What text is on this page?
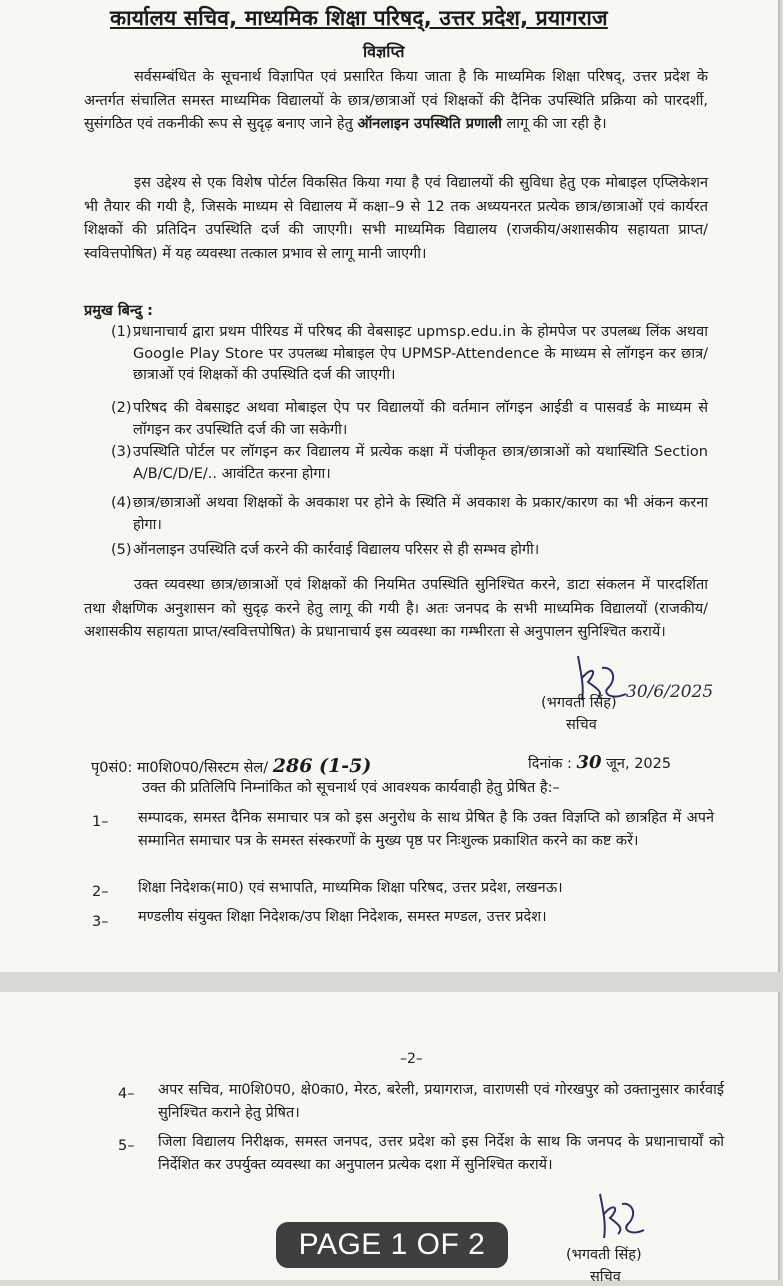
कार्यालय सचिव, माध्यमिक शिक्षा परिषद्, उत्तर प्रदेश, प्रयागराज
विज्ञप्ति

सर्वसम्बंधित के सूचनार्थ विज्ञापित एवं प्रसारित किया जाता है कि माध्यमिक शिक्षा परिषद्, उत्तर प्रदेश के अन्तर्गत संचालित समस्त माध्यमिक विद्यालयों के छात्र/छात्राओं एवं शिक्षकों की दैनिक उपस्थिति प्रक्रिया को पारदर्शी, सुसंगठित एवं तकनीकी रूप से सुदृढ़ बनाए जाने हेतु ऑनलाइन उपस्थिति प्रणाली लागू की जा रही है।

इस उद्देश्य से एक विशेष पोर्टल विकसित किया गया है एवं विद्यालयों की सुविधा हेतु एक मोबाइल एप्लिकेशन भी तैयार की गयी है, जिसके माध्यम से विद्यालय में कक्षा–9 से 12 तक अध्ययनरत प्रत्येक छात्र/छात्राओं एवं कार्यरत शिक्षकों की प्रतिदिन उपस्थिति दर्ज की जाएगी। सभी माध्यमिक विद्यालय (राजकीय/अशासकीय सहायता प्राप्त/स्ववित्तपोषित) में यह व्यवस्था तत्काल प्रभाव से लागू मानी जाएगी।

प्रमुख बिन्दु :
(1) प्रधानाचार्य द्वारा प्रथम पीरियड में परिषद की वेबसाइट upmsp.edu.in के होमपेज पर उपलब्ध लिंक अथवा Google Play Store पर उपलब्ध मोबाइल ऐप UPMSP-Attendence के माध्यम से लॉगइन कर छात्र/छात्राओं एवं शिक्षकों की उपस्थिति दर्ज की जाएगी।
(2) परिषद की वेबसाइट अथवा मोबाइल ऐप पर विद्यालयों की वर्तमान लॉगइन आईडी व पासवर्ड के माध्यम से लॉगइन कर उपस्थिति दर्ज की जा सकेगी।
(3) उपस्थिति पोर्टल पर लॉगइन कर विद्यालय में प्रत्येक कक्षा में पंजीकृत छात्र/छात्राओं को यथास्थिति Section A/B/C/D/E/.. आवंटित करना होगा।
(4) छात्र/छात्राओं अथवा शिक्षकों के अवकाश पर होने के स्थिति में अवकाश के प्रकार/कारण का भी अंकन करना होगा।
(5) ऑनलाइन उपस्थिति दर्ज करने की कार्रवाई विद्यालय परिसर से ही सम्भव होगी।

उक्त व्यवस्था छात्र/छात्राओं एवं शिक्षकों की नियमित उपस्थिति सुनिश्चित करने, डाटा संकलन में पारदर्शिता तथा शैक्षणिक अनुशासन को सुदृढ़ करने हेतु लागू की गयी है। अतः जनपद के सभी माध्यमिक विद्यालयों (राजकीय/अशासकीय सहायता प्राप्त/स्ववित्तपोषित) के प्रधानाचार्य इस व्यवस्था का गम्भीरता से अनुपालन सुनिश्चित करायें।

30/6/2025
(भगवती सिंह)
सचिव
पृ0सं0: मा0शि0प0/सिस्टम सेल/ 286 (1-5)	दिनांक : 30 जून, 2025
उक्त की प्रतिलिपि निम्नांकित को सूचनार्थ एवं आवश्यक कार्यवाही हेतु प्रेषित है:–
1– सम्पादक, समस्त दैनिक समाचार पत्र को इस अनुरोध के साथ प्रेषित है कि उक्त विज्ञप्ति को छात्रहित में अपने सम्मानित समाचार पत्र के समस्त संस्करणों के मुख्य पृष्ठ पर निःशुल्क प्रकाशित करने का कष्ट करें।
2– शिक्षा निदेशक(मा0) एवं सभापति, माध्यमिक शिक्षा परिषद, उत्तर प्रदेश, लखनऊ।
3– मण्डलीय संयुक्त शिक्षा निदेशक/उप शिक्षा निदेशक, समस्त मण्डल, उत्तर प्रदेश।
–2–
4– अपर सचिव, मा0शि0प0, क्षे0का0, मेरठ, बरेली, प्रयागराज, वाराणसी एवं गोरखपुर को उक्तानुसार कार्रवाई सुनिश्चित कराने हेतु प्रेषित।
5– जिला विद्यालय निरीक्षक, समस्त जनपद, उत्तर प्रदेश को इस निर्देश के साथ कि जनपद के प्रधानाचार्यों को निर्देशित कर उपर्युक्त व्यवस्था का अनुपालन प्रत्येक दशा में सुनिश्चित करायें।
(भगवती सिंह)
सचिव
PAGE 1 OF 2
